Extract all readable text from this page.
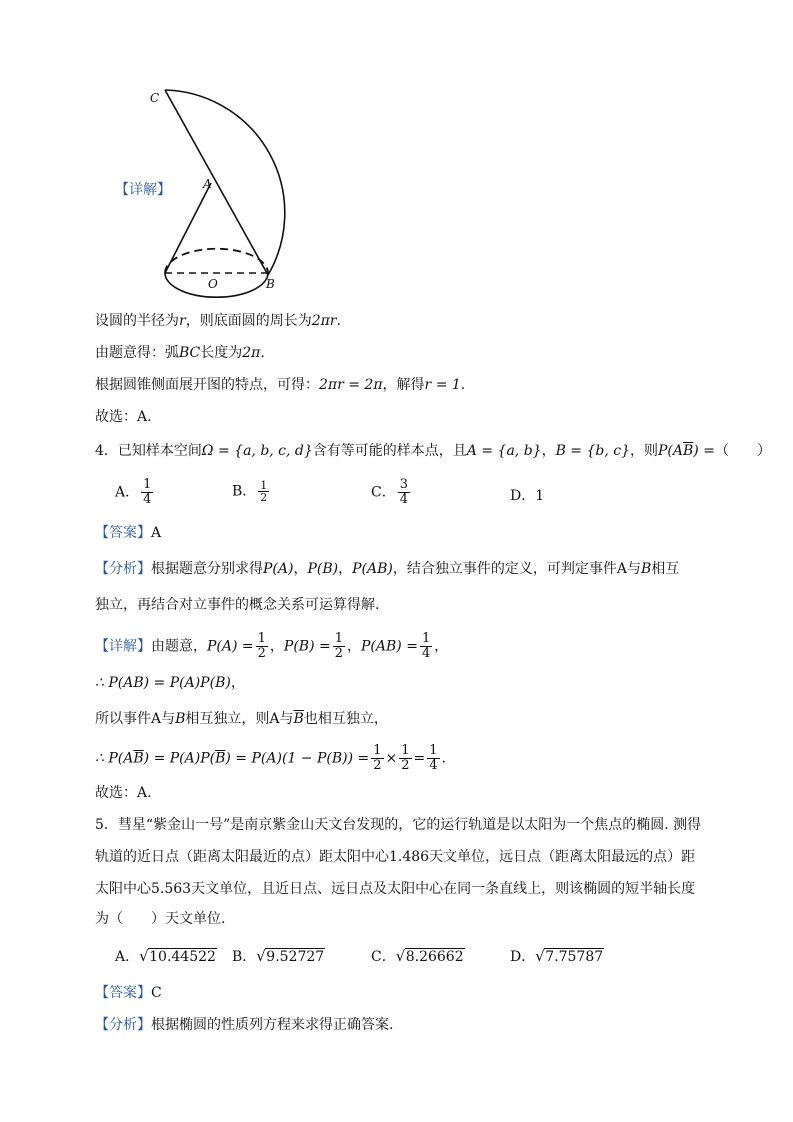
C
A
O	B
【详解】
设圆的半径为r，则底面圆的周长为2πr.
由题意得：弧BC长度为2π.
根据圆锥侧面展开图的特点，可得：2πr = 2π，解得r = 1.
故选：A.
4．已知样本空间Ω = {a, b, c, d}含有等可能的样本点，且A = {a, b}，B = {b, c}，则$P(A\overline{B})$ =（　　）
A． $\frac{1}{4}$	B． $\frac{1}{2}$	C． $\frac{3}{4}$	D．1
【答案】A
【分析】根据题意分别求得P(A)，P(B)，P(AB)，结合独立事件的定义，可判定事件A与B相互
独立，再结合对立事件的概念关系可运算得解.
【详解】由题意，$P(A) = \frac{1}{2}$ ，$P(B) = \frac{1}{2}$ ，$P(AB) = \frac{1}{4}$ ，
∴ P(AB) = P(A)P(B)，
所以事件A与B相互独立，则A与$\overline{B}$也相互独立，
∴ $P(A\overline{B}) = P(A)P(\overline{B}) = P(A)(1 - P(B)) = \frac{1}{2} \times \frac{1}{2} = \frac{1}{4}$ .
故选：A.
5．彗星“紫金山一号”是南京紫金山天文台发现的，它的运行轨道是以太阳为一个焦点的椭圆. 测得
轨道的近日点（距离太阳最近的点）距太阳中心1.486天文单位，远日点（距离太阳最远的点）距
太阳中心5.563天文单位，且近日点、远日点及太阳中心在同一条直线上，则该椭圆的短半轴长度
为（　　）天文单位.
A． √ 10.44522 B． √ 9.52727	C． √ 8.26662	D． √ 7.75787
【答案】C
【分析】根据椭圆的性质列方程来求得正确答案.
